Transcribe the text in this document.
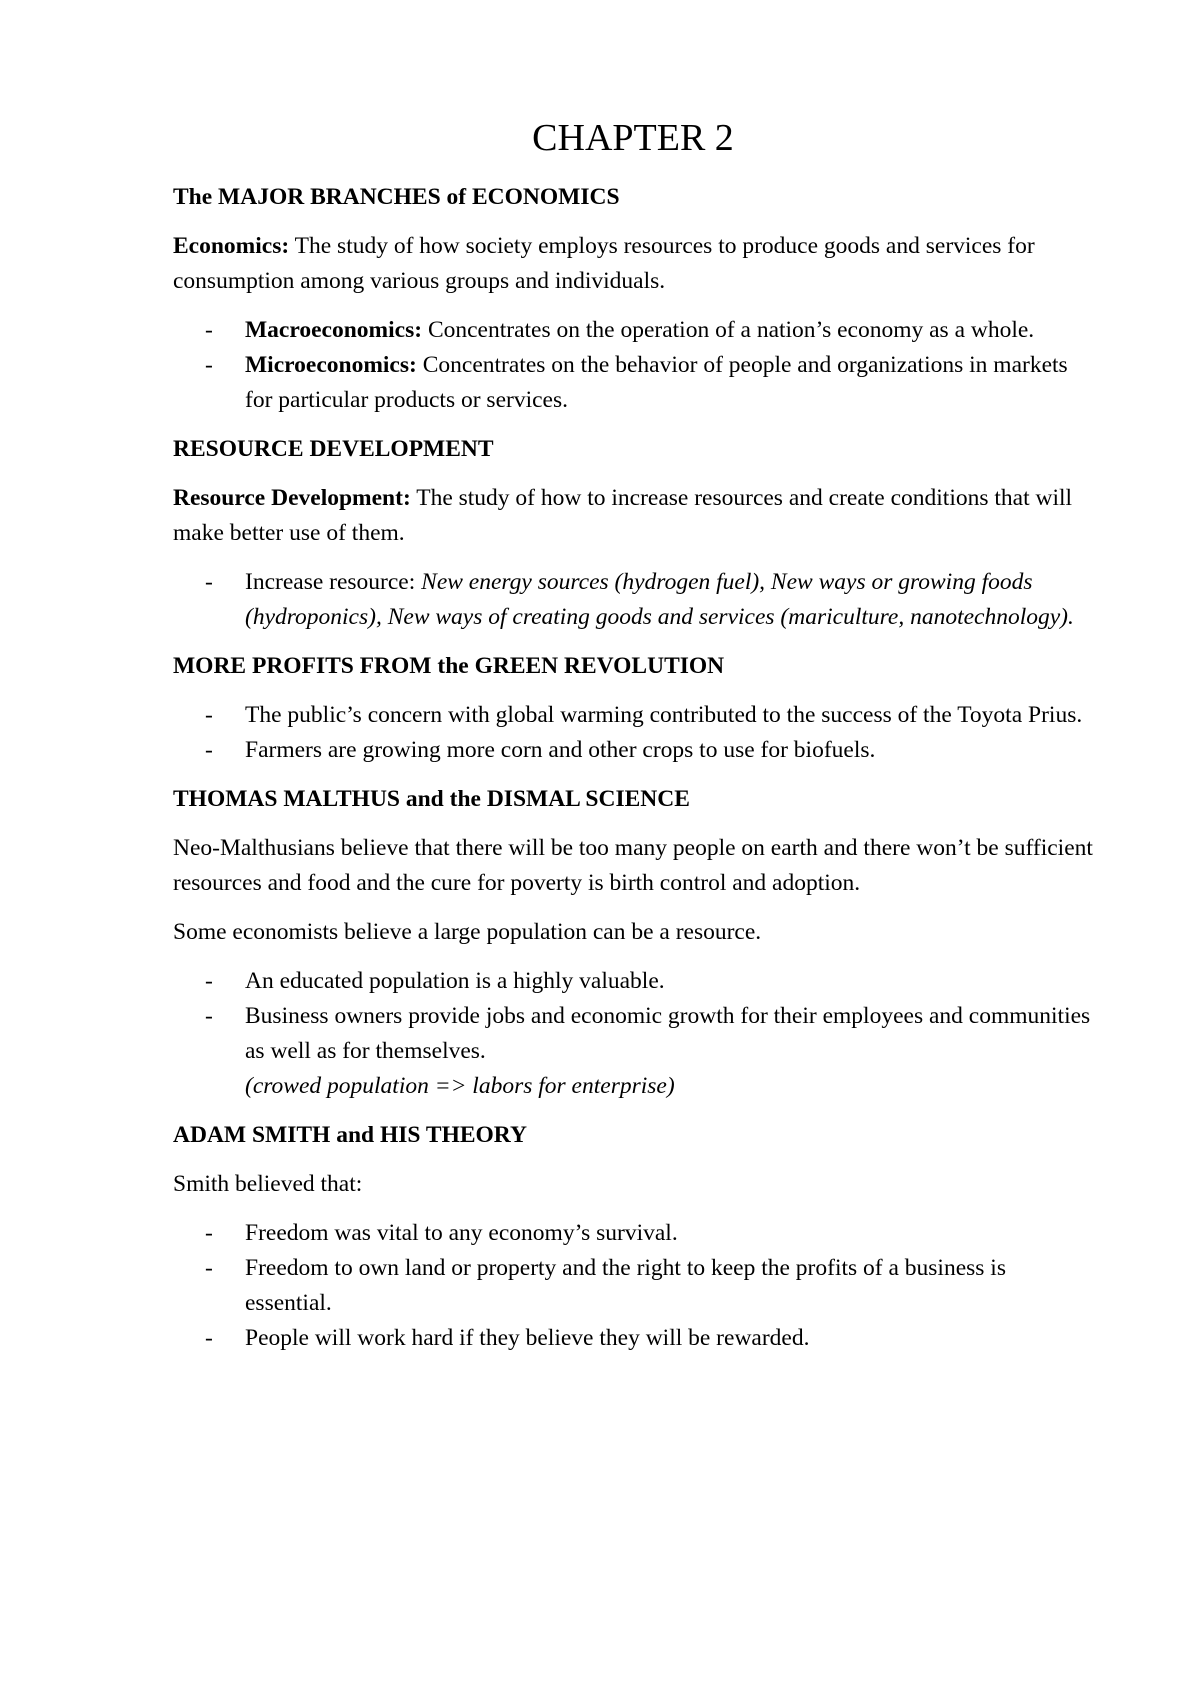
CHAPTER 2
The MAJOR BRANCHES of ECONOMICS

Economics: The study of how society employs resources to produce goods and services for consumption among various groups and individuals.

- Macroeconomics: Concentrates on the operation of a nation’s economy as a whole.
- Microeconomics: Concentrates on the behavior of people and organizations in markets for particular products or services.
RESOURCE DEVELOPMENT

Resource Development: The study of how to increase resources and create conditions that will make better use of them.

- Increase resource: New energy sources (hydrogen fuel), New ways or growing foods (hydroponics), New ways of creating goods and services (mariculture, nanotechnology).
MORE PROFITS FROM the GREEN REVOLUTION
- The public’s concern with global warming contributed to the success of the Toyota Prius.
- Farmers are growing more corn and other crops to use for biofuels.
THOMAS MALTHUS and the DISMAL SCIENCE

Neo-Malthusians believe that there will be too many people on earth and there won’t be sufficient resources and food and the cure for poverty is birth control and adoption.

Some economists believe a large population can be a resource.

- An educated population is a highly valuable.
- Business owners provide jobs and economic growth for their employees and communities as well as for themselves.
(crowed population => labors for enterprise)
ADAM SMITH and HIS THEORY

Smith believed that:

- Freedom was vital to any economy’s survival.
- Freedom to own land or property and the right to keep the profits of a business is essential.
- People will work hard if they believe they will be rewarded.
